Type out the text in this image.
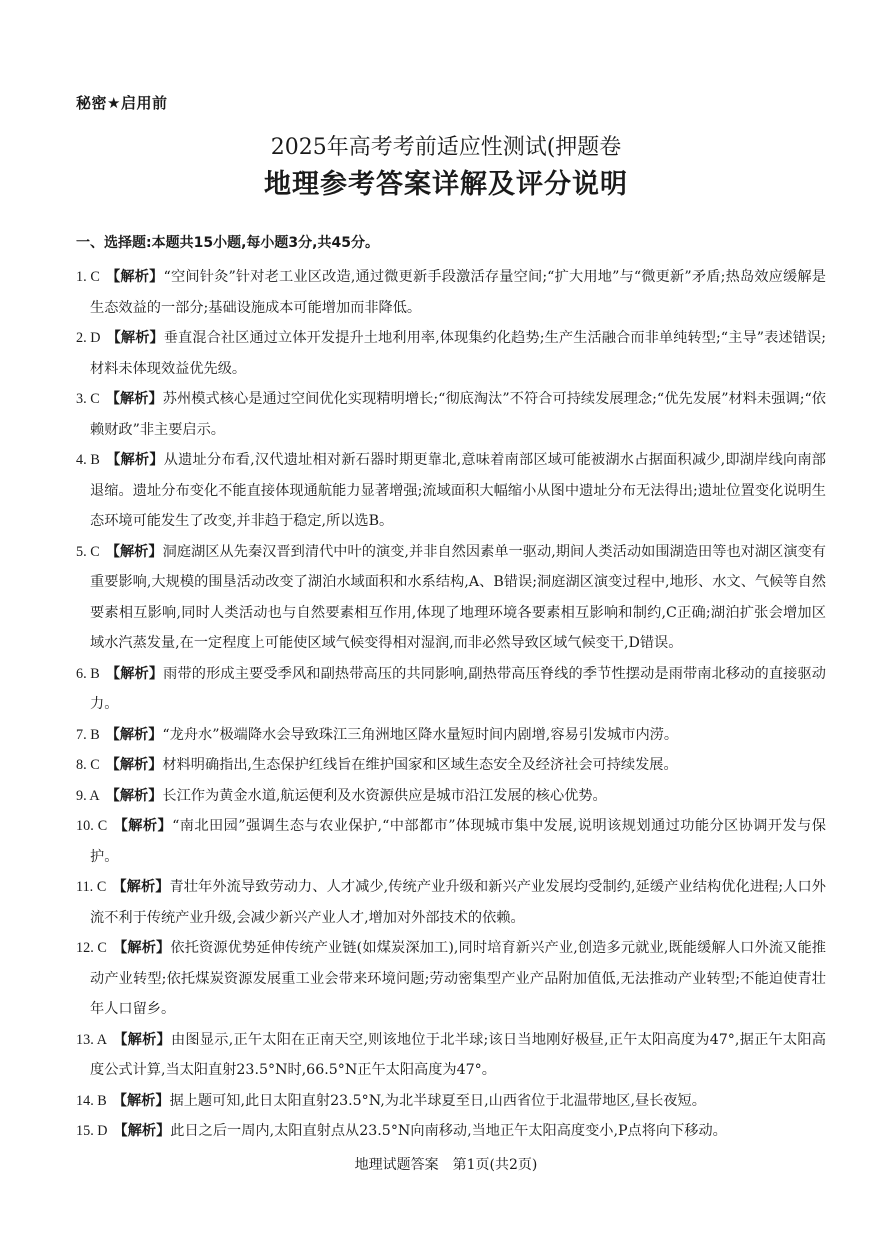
秘密★启用前
2025年高考考前适应性测试(押题卷
地理参考答案详解及评分说明
一、选择题:本题共15小题,每小题3分,共45分。
1. C 【解析】“空间针灸”针对老工业区改造,通过微更新手段激活存量空间;“扩大用地”与“微更新”矛盾;热岛效应缓解是生态效益的一部分;基础设施成本可能增加而非降低。
2. D 【解析】垂直混合社区通过立体开发提升土地利用率,体现集约化趋势;生产生活融合而非单纯转型;“主导”表述错误;材料未体现效益优先级。
3. C 【解析】苏州模式核心是通过空间优化实现精明增长;“彻底淘汰”不符合可持续发展理念;“优先发展”材料未强调;“依赖财政”非主要启示。
4. B 【解析】从遗址分布看,汉代遗址相对新石器时期更靠北,意味着南部区域可能被湖水占据面积减少,即湖岸线向南部退缩。遗址分布变化不能直接体现通航能力显著增强;流域面积大幅缩小从图中遗址分布无法得出;遗址位置变化说明生态环境可能发生了改变,并非趋于稳定,所以选B。
5. C 【解析】洞庭湖区从先秦汉晋到清代中叶的演变,并非自然因素单一驱动,期间人类活动如围湖造田等也对湖区演变有重要影响,大规模的围垦活动改变了湖泊水域面积和水系结构,A、B错误;洞庭湖区演变过程中,地形、水文、气候等自然要素相互影响,同时人类活动也与自然要素相互作用,体现了地理环境各要素相互影响和制约,C正确;湖泊扩张会增加区域水汽蒸发量,在一定程度上可能使区域气候变得相对湿润,而非必然导致区域气候变干,D错误。
6. B 【解析】雨带的形成主要受季风和副热带高压的共同影响,副热带高压脊线的季节性摆动是雨带南北移动的直接驱动力。
7. B 【解析】“龙舟水”极端降水会导致珠江三角洲地区降水量短时间内剧增,容易引发城市内涝。
8. C 【解析】材料明确指出,生态保护红线旨在维护国家和区域生态安全及经济社会可持续发展。
9. A 【解析】长江作为黄金水道,航运便利及水资源供应是城市沿江发展的核心优势。
10. C 【解析】“南北田园”强调生态与农业保护,“中部都市”体现城市集中发展,说明该规划通过功能分区协调开发与保护。
11. C 【解析】青壮年外流导致劳动力、人才减少,传统产业升级和新兴产业发展均受制约,延缓产业结构优化进程;人口外流不利于传统产业升级,会减少新兴产业人才,增加对外部技术的依赖。
12. C 【解析】依托资源优势延伸传统产业链(如煤炭深加工),同时培育新兴产业,创造多元就业,既能缓解人口外流又能推动产业转型;依托煤炭资源发展重工业会带来环境问题;劳动密集型产业产品附加值低,无法推动产业转型;不能迫使青壮年人口留乡。
13. A 【解析】由图显示,正午太阳在正南天空,则该地位于北半球;该日当地刚好极昼,正午太阳高度为47°,据正午太阳高度公式计算,当太阳直射23.5°N时,66.5°N正午太阳高度为47°。
14. B 【解析】据上题可知,此日太阳直射23.5°N,为北半球夏至日,山西省位于北温带地区,昼长夜短。
15. D 【解析】此日之后一周内,太阳直射点从23.5°N向南移动,当地正午太阳高度变小,P点将向下移动。
地理试题答案　第1页(共2页)
